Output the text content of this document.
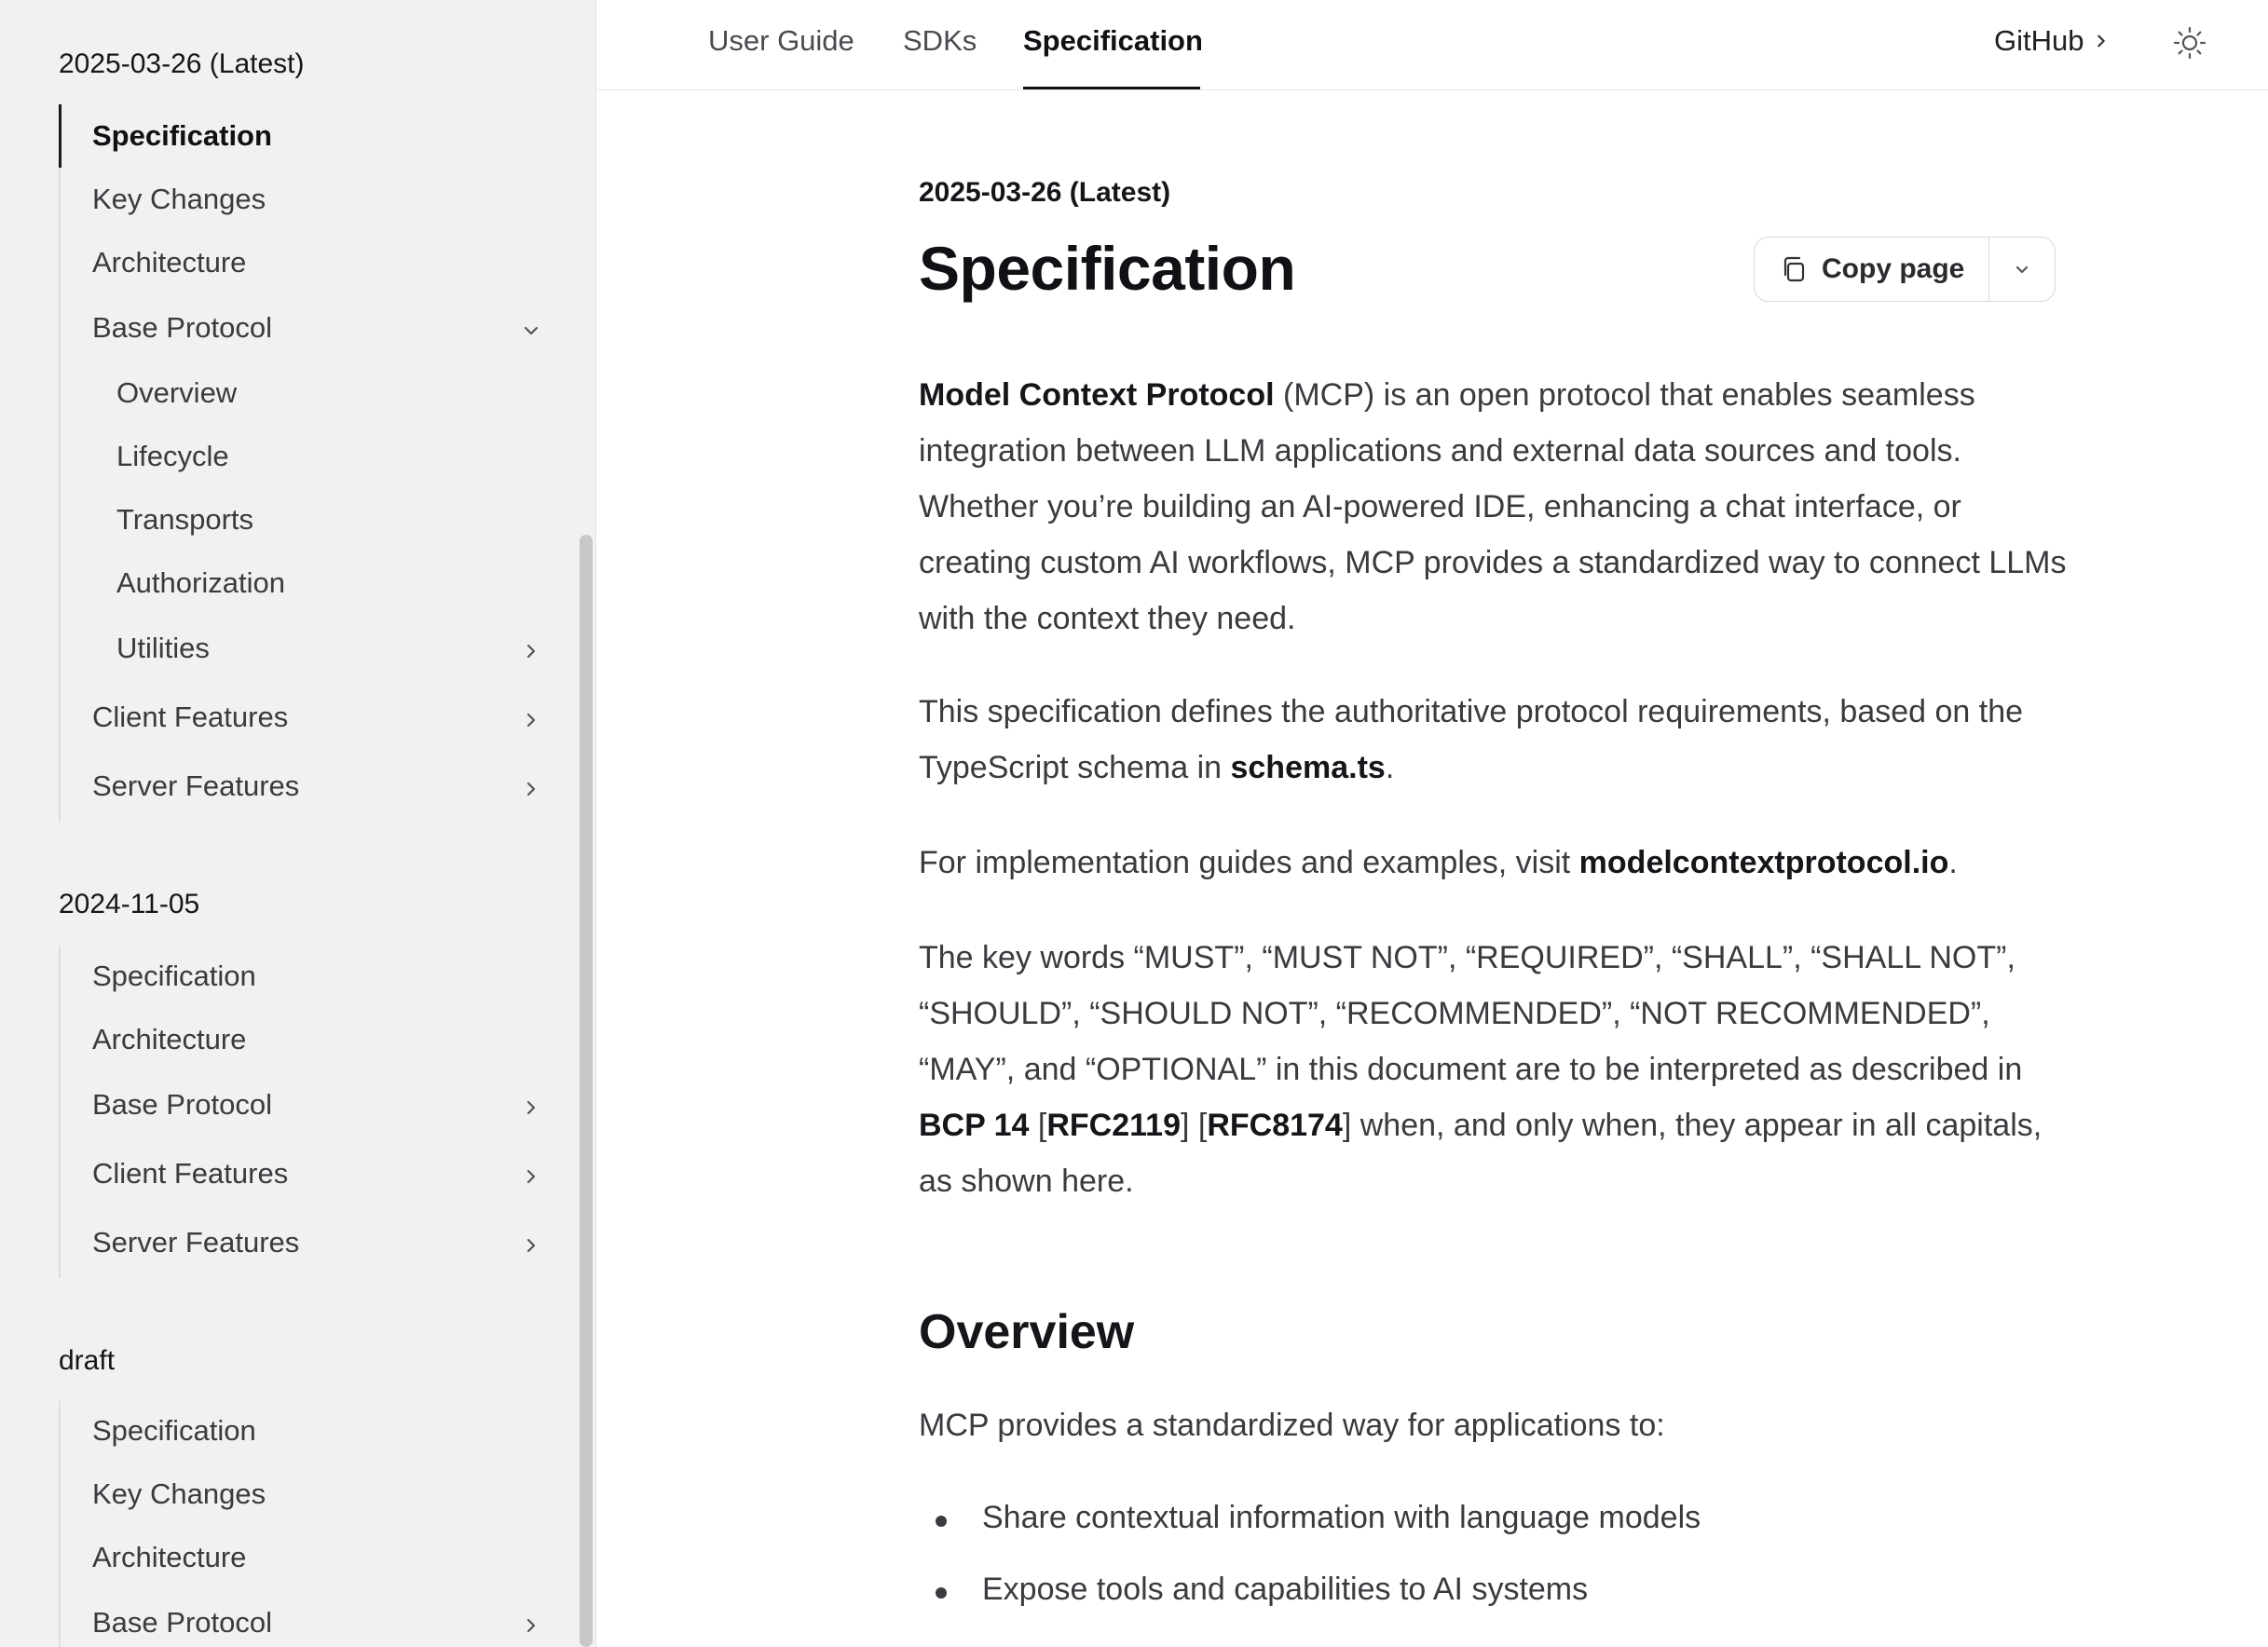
2025-03-26 (Latest)
Specification
Key Changes
Architecture
Base Protocol
Overview
Lifecycle
Transports
Authorization
Utilities
Client Features
Server Features
2024-11-05
Specification
Architecture
Base Protocol
Client Features
Server Features
draft
Specification
Key Changes
Architecture
Base Protocol
User Guide SDKs Specification	GitHub
2025-03-26 (Latest)
Specification	Copy page

Model Context Protocol (MCP) is an open protocol that enables seamless integration between LLM applications and external data sources and tools. Whether you’re building an AI-powered IDE, enhancing a chat interface, or creating custom AI workflows, MCP provides a standardized way to connect LLMs with the context they need.

This specification defines the authoritative protocol requirements, based on the TypeScript schema in schema.ts.

For implementation guides and examples, visit modelcontextprotocol.io.

The key words “MUST”, “MUST NOT”, “REQUIRED”, “SHALL”, “SHALL NOT”, “SHOULD”, “SHOULD NOT”, “RECOMMENDED”, “NOT RECOMMENDED”, “MAY”, and “OPTIONAL” in this document are to be interpreted as described in BCP 14 [RFC2119] [RFC8174] when, and only when, they appear in all capitals, as shown here.

Overview

MCP provides a standardized way for applications to:

Share contextual information with language models
Expose tools and capabilities to AI systems
